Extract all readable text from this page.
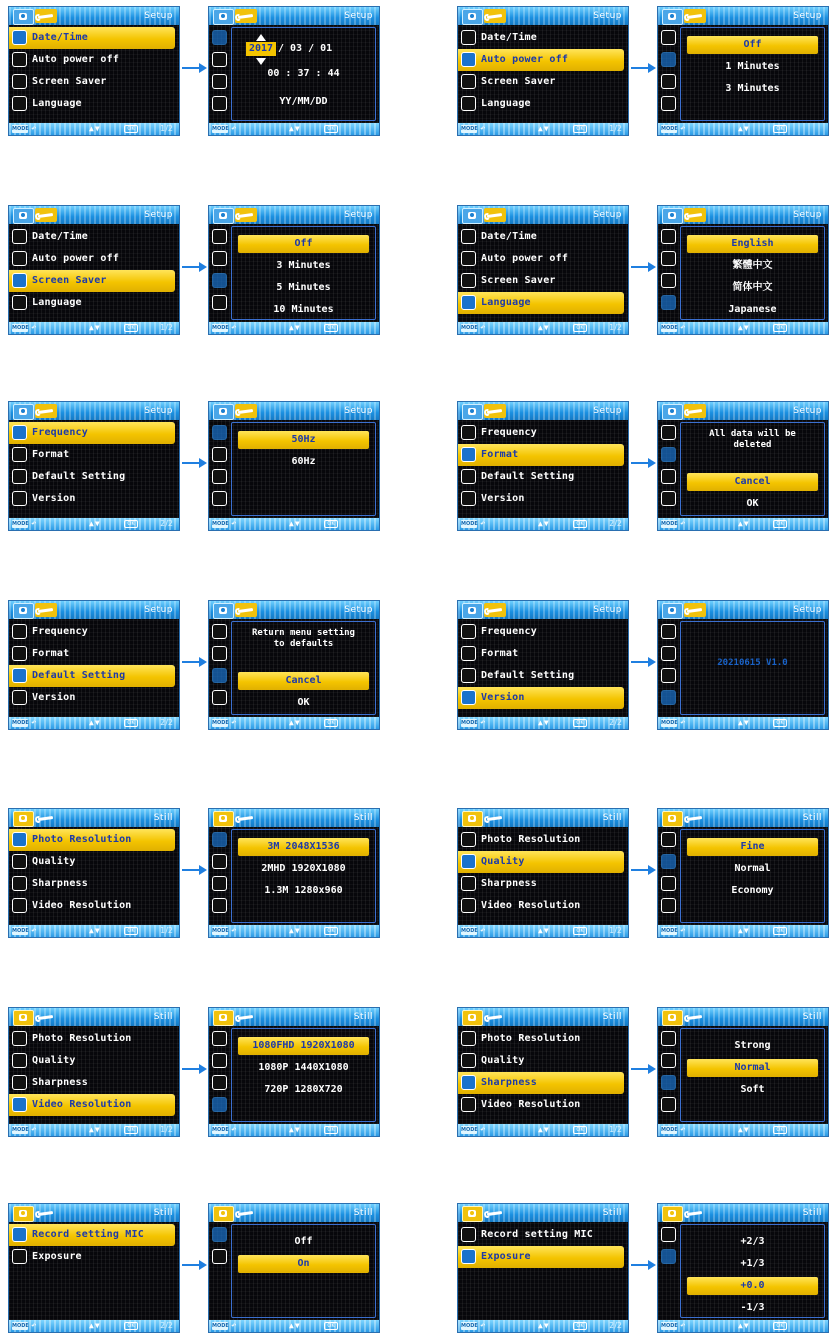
Setup
Date/Time
Auto power off
Screen Saver
Language
MODE ↶	▲▼	OK	1/2
Setup
2017 / 03 / 01
00 : 37 : 44
YY/MM/DD
MODE ↶	▲▼	OK
Setup
Date/Time
Auto power off
Screen Saver
Language
MODE ↶	▲▼	OK	1/2
Setup
Off
1 Minutes
3 Minutes
MODE ↶	▲▼	OK
Setup
Date/Time
Auto power off
Screen Saver
Language
MODE ↶	▲▼	OK	1/2
Setup
Off
3 Minutes
5 Minutes
10 Minutes
MODE ↶	▲▼	OK
Setup
Date/Time
Auto power off
Screen Saver
Language
MODE ↶	▲▼	OK	1/2
Setup
English
繁體中文
简体中文
Japanese
MODE ↶	▲▼	OK
Setup
Frequency
Format
Default Setting
Version
MODE ↶	▲▼	OK	2/2
Setup
50Hz
60Hz
MODE ↶	▲▼	OK
Setup
Frequency
Format
Default Setting
Version
MODE ↶	▲▼	OK	2/2
Setup
All data will be
deleted
Cancel
OK
MODE ↶	▲▼	OK
Setup
Frequency
Format
Default Setting
Version
MODE ↶	▲▼	OK	2/2
Setup
Return menu setting
to defaults
Cancel
OK
MODE ↶	▲▼	OK
Setup
Frequency
Format
Default Setting
Version
MODE ↶	▲▼	OK	2/2
Setup
20210615 V1.0
MODE ↶	▲▼	OK
Still
Photo Resolution
Quality
Sharpness
Video Resolution
MODE ↶	▲▼	OK	1/2
Still
3M 2048X1536
2MHD 1920X1080
1.3M 1280x960
MODE ↶	▲▼	OK
Still
Photo Resolution
Quality
Sharpness
Video Resolution
MODE ↶	▲▼	OK	1/2
Still
Fine
Normal
Economy
MODE ↶	▲▼	OK
Still
Photo Resolution
Quality
Sharpness
Video Resolution
MODE ↶	▲▼	OK	1/2
Still
1080FHD 1920X1080
1080P 1440X1080
720P 1280X720
MODE ↶	▲▼	OK
Still
Photo Resolution
Quality
Sharpness
Video Resolution
MODE ↶	▲▼	OK	1/2
Still
Strong
Normal
Soft
MODE ↶	▲▼	OK
Still
Record setting MIC
Exposure
MODE ↶	▲▼	OK	2/2
Still
Off
On
MODE ↶	▲▼	OK
Still
Record setting MIC
Exposure
MODE ↶	▲▼	OK	2/2
Still
+2/3
+1/3
+0.0
-1/3
MODE ↶	▲▼	OK
